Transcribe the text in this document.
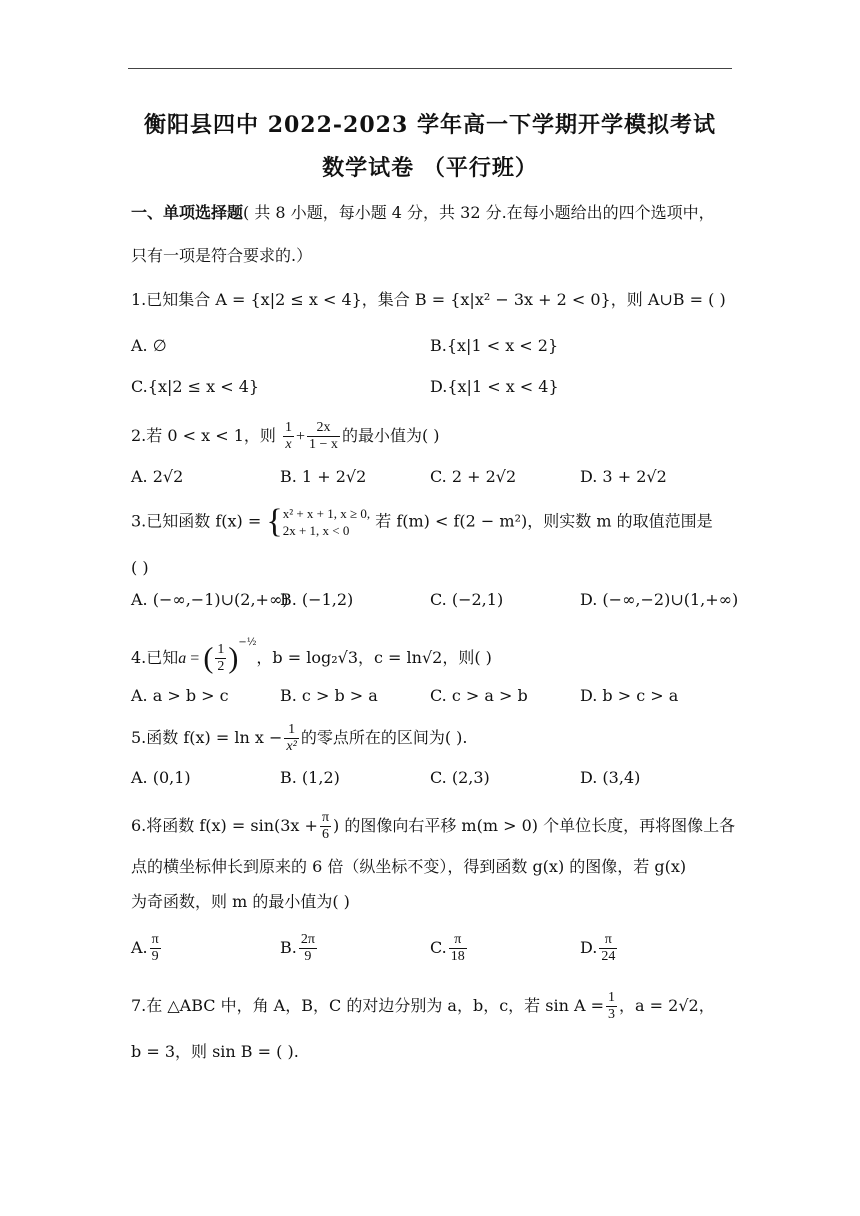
衡阳县四中 2022-2023 学年高一下学期开学模拟考试
数学试卷 （平行班）
一、单项选择题( 共 8 小题，每小题 4 分，共 32 分.在每小题给出的四个选项中，
只有一项是符合要求的.）
1.已知集合 A = {x|2 ≤ x < 4}，集合 B = {x|x² − 3x + 2 < 0}，则 A∪B = ( )
A. ∅	B.{x|1 < x < 2}
C.{x|2 ≤ x < 4}	D.{x|1 < x < 4}
2.若 0 < x < 1，则 $\frac{1}{x} + \frac{2x}{1 - x}$ 的最小值为( )
A. 2√2	B. 1 + 2√2	C. 2 + 2√2	D. 3 + 2√2
3.已知函数 f(x) = { x² + x + 1, x ≥ 0,
2x + 1, x < 0	若 f(m) < f(2 − m²)，则实数 m 的取值范围是
( )
A. (−∞,−1)∪(2,+∞)
B. (−1,2)	C. (−2,1)	D. (−∞,−2)∪(1,+∞)
4.已知a = ( $\frac{1}{2} )^{-\frac{1}{2}}$，b = log₂√3，c = ln√2，则( )
A. a > b > c	B. c > b > a	C. c > a > b	D. b > c > a
5.函数 $f(x) = \ln x - \frac{1}{\text{x²}}$ 的零点所在的区间为( ).
A. (0,1)	B. (1,2)	C. (2,3)	D. (3,4)
6.将函数 $f(x) = \sin(3x + \frac{\pi}{6}$ ) 的图像向右平移 m(m > 0) 个单位长度，再将图像上各
点的横坐标伸长到原来的 6 倍（纵坐标不变），得到函数 g(x) 的图像，若 g(x)
为奇函数，则 m 的最小值为( )
A. $\frac{\pi}{9}$	B. $\frac{2\pi}{9}$	C. $\frac{\pi}{18}$	D. $\frac{\pi}{24}$
7.在 △ABC 中，角 A，B，C 的对边分别为 a，b，c，若 $\sin A = \frac{1}{3}$ ，a = 2√2，
b = 3，则 sin B = ( ).
